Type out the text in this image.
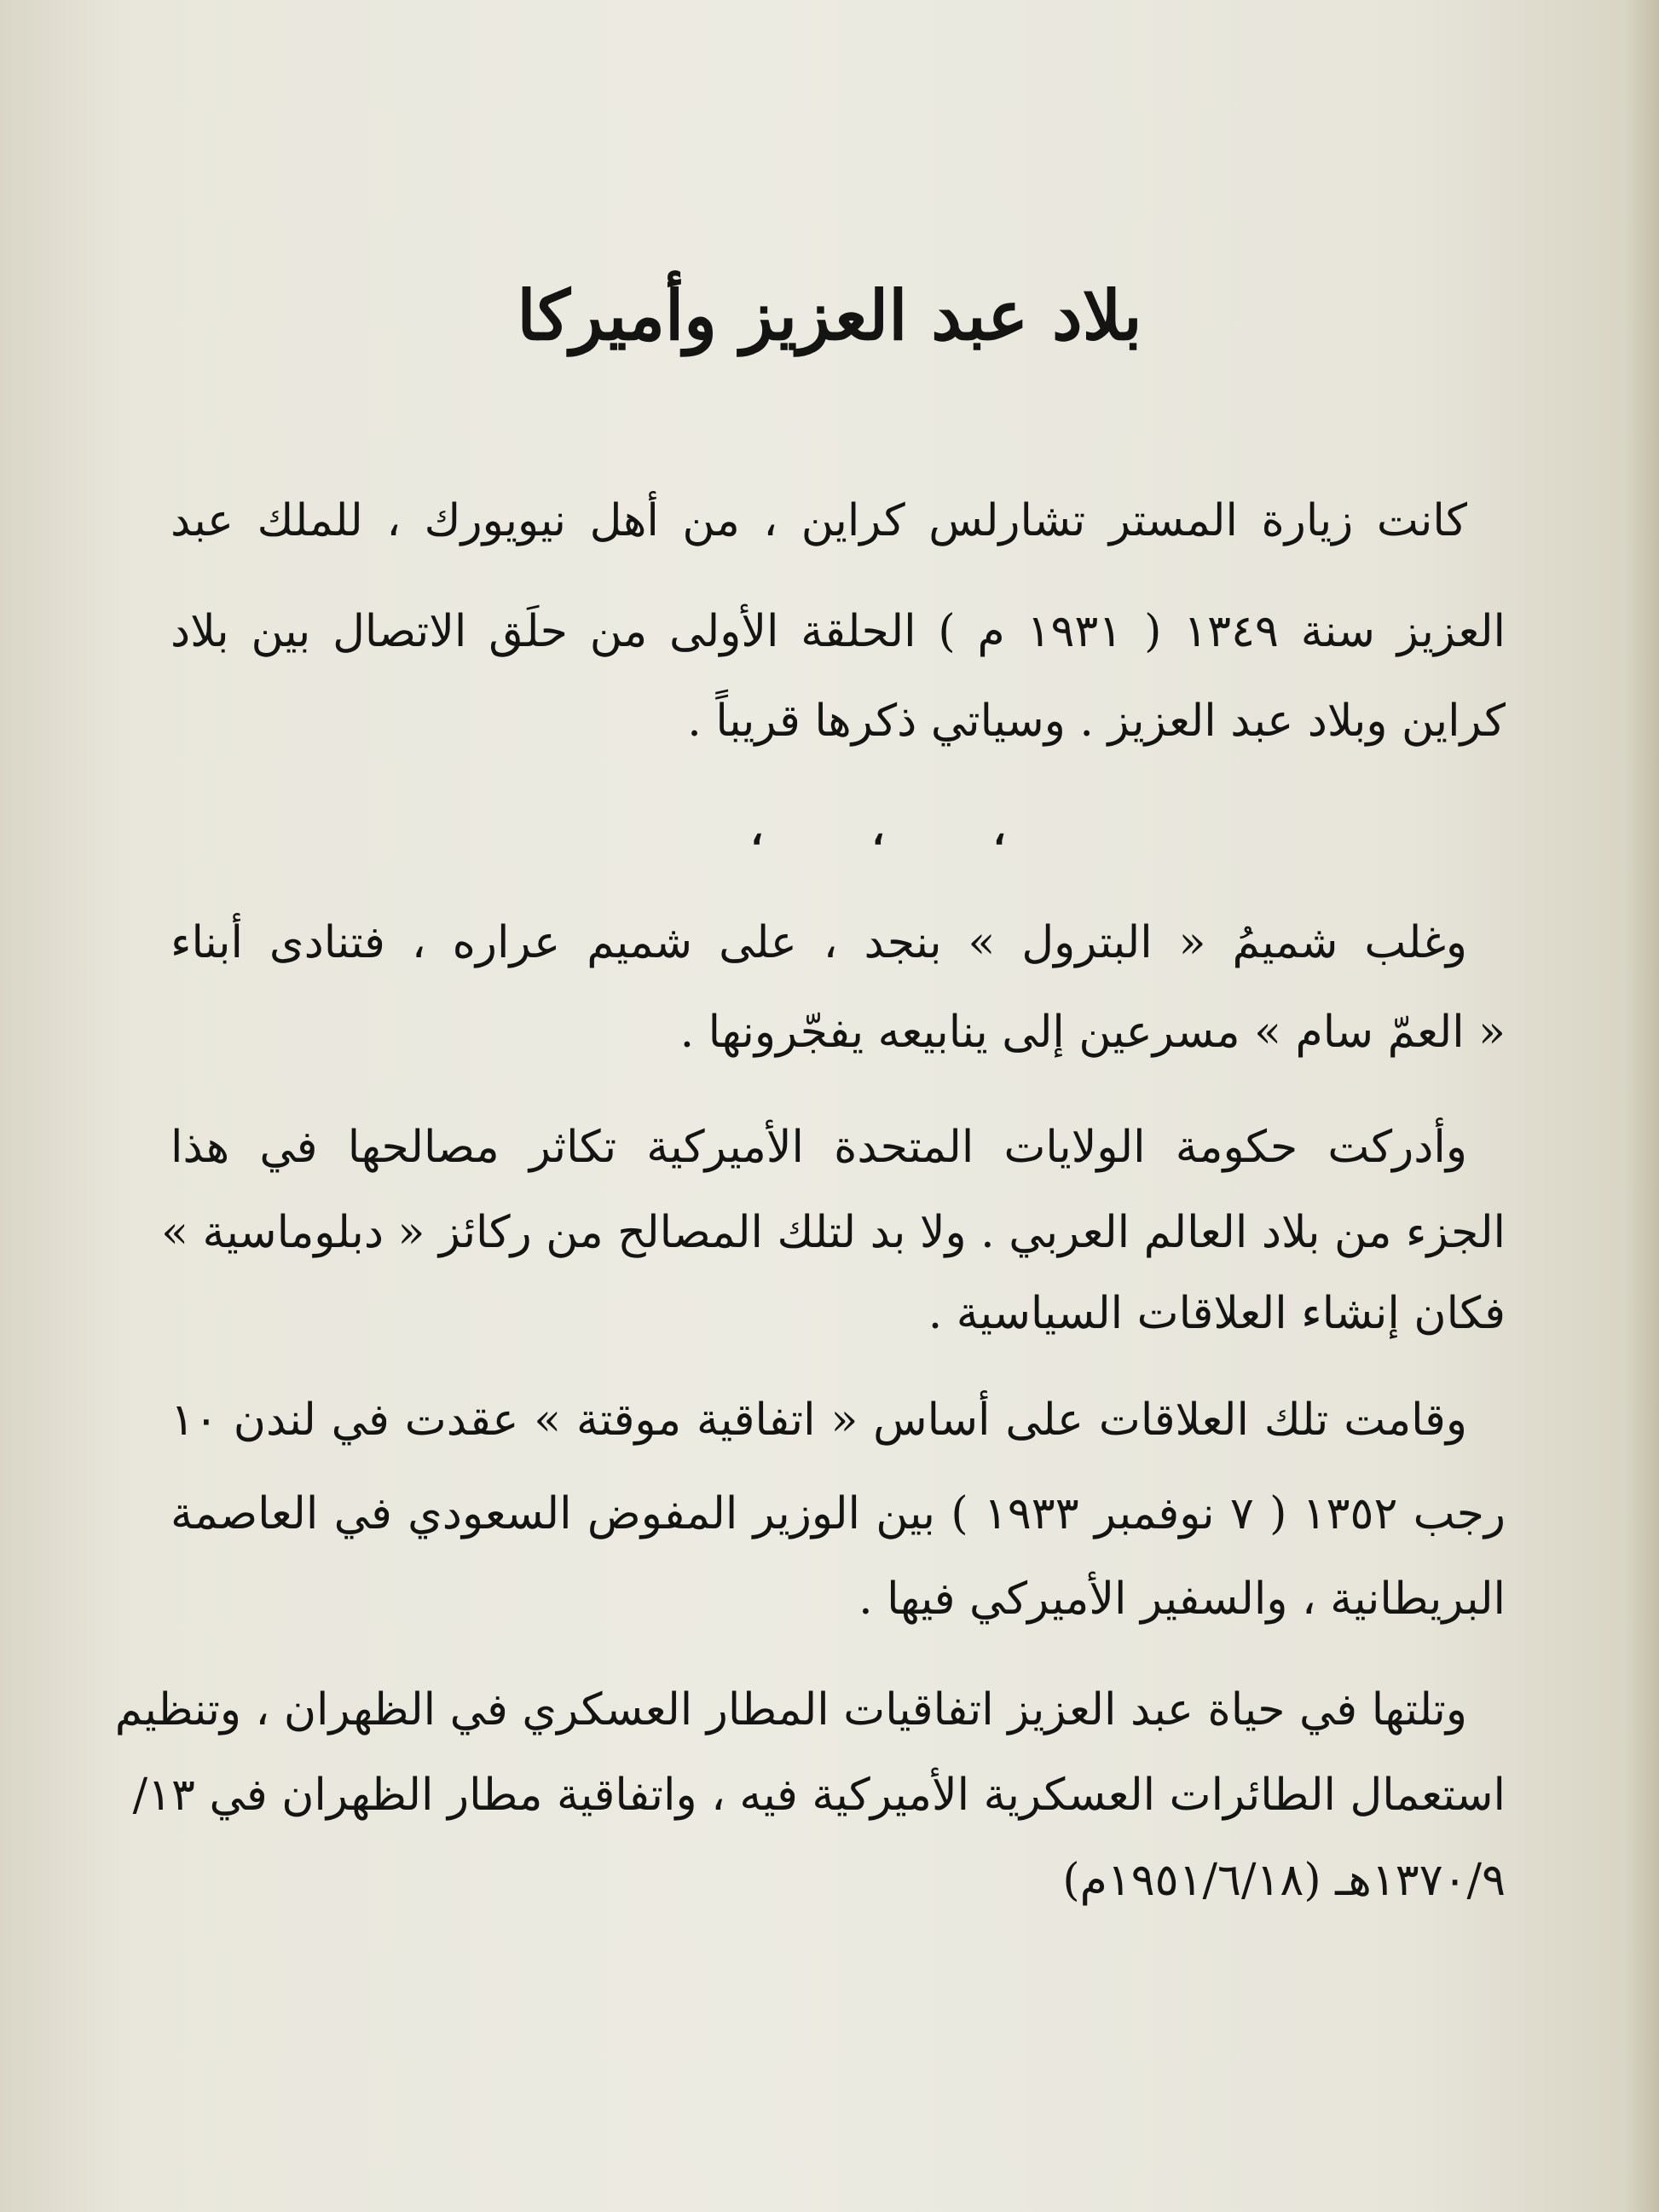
بلاد عبد العزيز وأميركا
كانت زيارة المستر تشارلس كراين ، من أهل نيويورك ، للملك عبد
العزيز سنة ١٣٤٩ ( ١٩٣١ م ) الحلقة الأولى من حلَق الاتصال بين بلاد
كراين وبلاد عبد العزيز . وسياتي ذكرها قريباً .
،	،	،
وغلب شميمُ « البترول » بنجد ، على شميم عراره ، فتنادى أبناء
« العمّ سام » مسرعين إلى ينابيعه يفجّرونها .
وأدركت حكومة الولايات المتحدة الأميركية تكاثر مصالحها في هذا
الجزء من بلاد العالم العربي . ولا بد لتلك المصالح من ركائز « دبلوماسية »
فكان إنشاء العلاقات السياسية .
وقامت تلك العلاقات على أساس « اتفاقية موقتة » عقدت في لندن ١٠
رجب ١٣٥٢ ( ٧ نوفمبر ١٩٣٣ ) بين الوزير المفوض السعودي في العاصمة
البريطانية ، والسفير الأميركي فيها .
وتلتها في حياة عبد العزيز اتفاقيات المطار العسكري في الظهران ، وتنظيم
استعمال الطائرات العسكرية الأميركية فيه ، واتفاقية مطار الظهران في ١٣/
١٣٧٠/٩هـ (١٩٥١/٦/١٨م)
